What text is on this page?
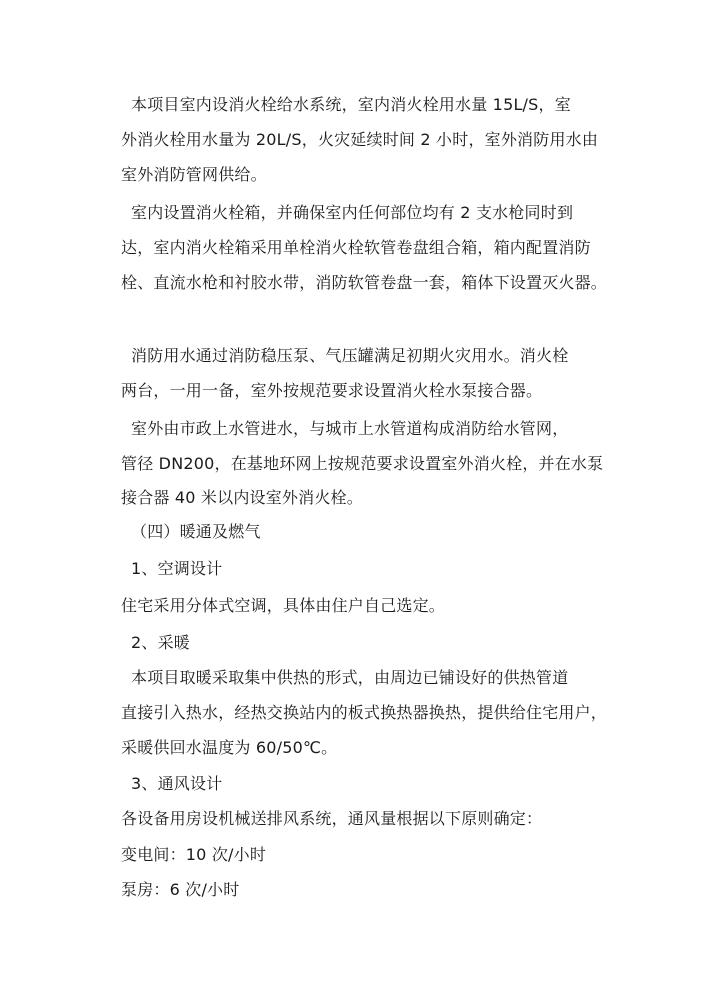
本项目室内设消火栓给水系统，室内消火栓用水量 15L/S，室
外消火栓用水量为 20L/S，火灾延续时间 2 小时，室外消防用水由
室外消防管网供给。
室内设置消火栓箱，并确保室内任何部位均有 2 支水枪同时到
达，室内消火栓箱采用单栓消火栓软管卷盘组合箱，箱内配置消防
栓、直流水枪和衬胶水带，消防软管卷盘一套，箱体下设置灭火器。
消防用水通过消防稳压泵、气压罐满足初期火灾用水。消火栓
两台，一用一备，室外按规范要求设置消火栓水泵接合器。
室外由市政上水管进水，与城市上水管道构成消防给水管网，
管径 DN200，在基地环网上按规范要求设置室外消火栓，并在水泵
接合器 40 米以内设室外消火栓。
（四）暖通及燃气
1、空调设计
住宅采用分体式空调，具体由住户自己选定。
2、采暖
本项目取暖采取集中供热的形式，由周边已铺设好的供热管道
直接引入热水，经热交换站内的板式换热器换热，提供给住宅用户，
采暖供回水温度为 60/50℃。
3、通风设计
各设备用房设机械送排风系统，通风量根据以下原则确定：
变电间：10 次/小时
泵房：6 次/小时
